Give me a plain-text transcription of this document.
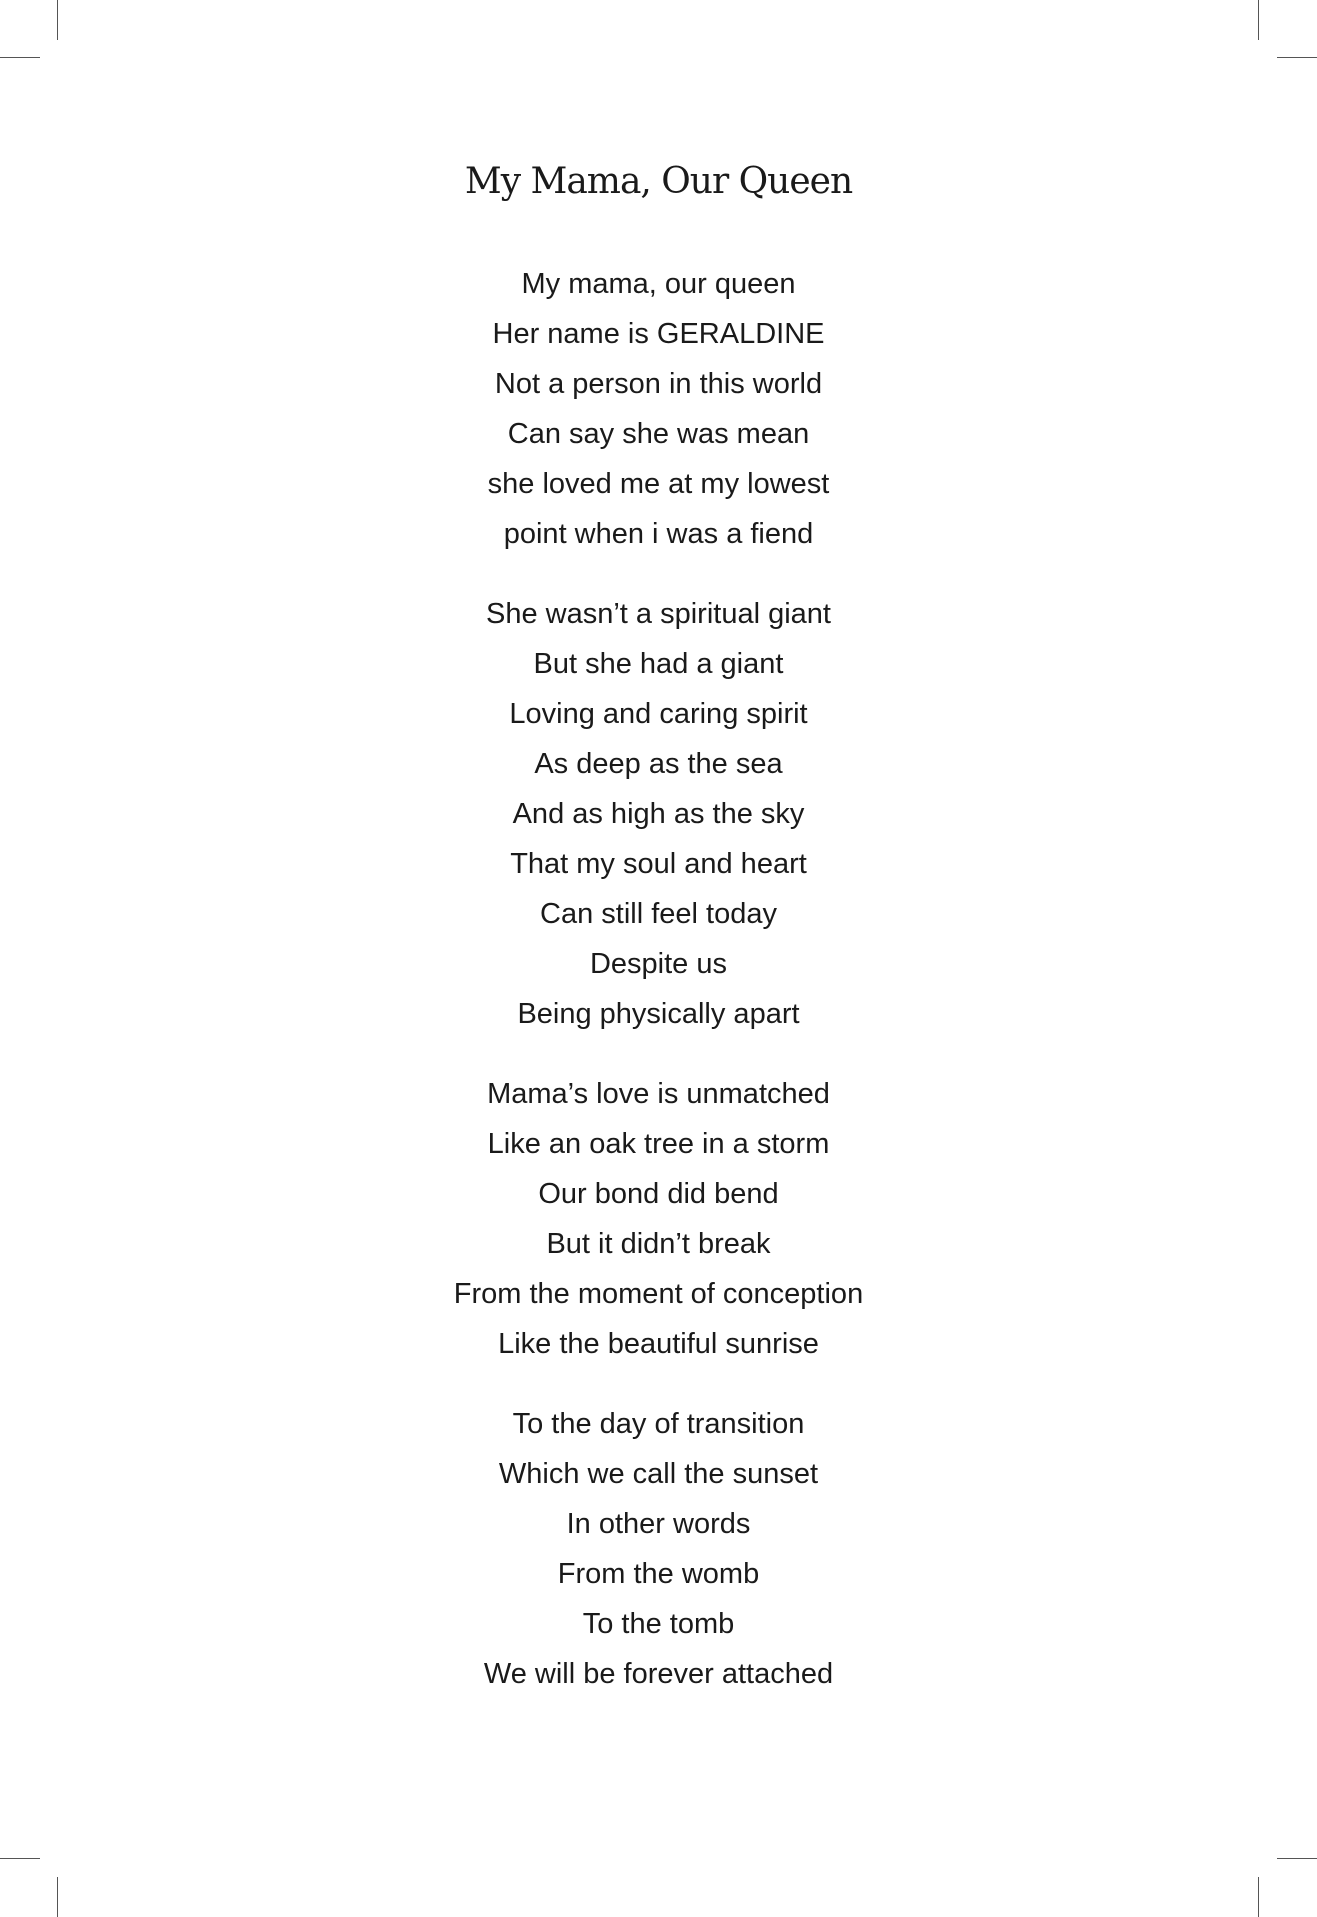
My Mama, Our Queen
My mama, our queen
Her name is GERALDINE
Not a person in this world
Can say she was mean
she loved me at my lowest
point when i was a fiend
She wasn’t a spiritual giant
But she had a giant
Loving and caring spirit
As deep as the sea
And as high as the sky
That my soul and heart
Can still feel today
Despite us
Being physically apart
Mama’s love is unmatched
Like an oak tree in a storm
Our bond did bend
But it didn’t break
From the moment of conception
Like the beautiful sunrise
To the day of transition
Which we call the sunset
In other words
From the womb
To the tomb
We will be forever attached
